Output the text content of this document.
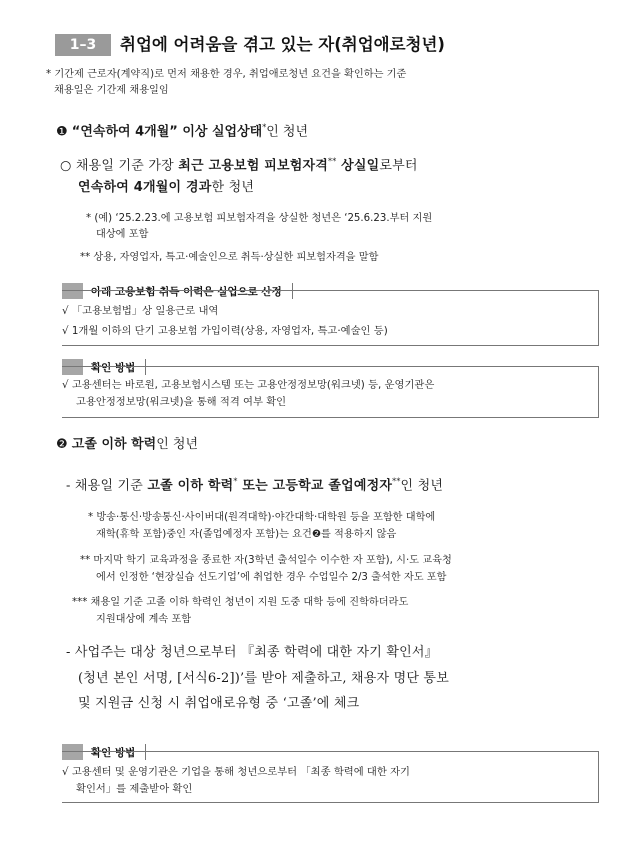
1–3	취업에 어려움을 겪고 있는 자(취업애로청년)
* 기간제 근로자(계약직)로 먼저 채용한 경우, 취업애로청년 요건을 확인하는 기준
채용일은 기간제 채용일임
❶ “연속하여 4개월” 이상 실업상태*인 청년
○ 채용일 기준 가장 최근 고용보험 피보험자격** 상실일로부터
연속하여 4개월이 경과한 청년
* (예) ‘25.2.23.에 고용보험 피보험자격을 상실한 청년은 ‘25.6.23.부터 지원
대상에 포함
** 상용, 자영업자, 특고·예술인으로 취득·상실한 피보험자격을 말함
아래 고용보험 취득 이력은 실업으로 산정
√ 「고용보험법」상 일용근로 내역
√ 1개월 이하의 단기 고용보험 가입이력(상용, 자영업자, 특고·예술인 등)
확인 방법
√ 고용센터는 바로원, 고용보험시스템 또는 고용안정정보망(워크넷) 등, 운영기관은
고용안정정보망(워크넷)을 통해 적격 여부 확인
❷ 고졸 이하 학력인 청년
- 채용일 기준 고졸 이하 학력* 또는 고등학교 졸업예정자**인 청년
* 방송·통신·방송통신·사이버대(원격대학)·야간대학·대학원 등을 포함한 대학에
재학(휴학 포함)중인 자(졸업예정자 포함)는 요건❷를 적용하지 않음
** 마지막 학기 교육과정을 종료한 자(3학년 출석일수 이수한 자 포함), 시·도 교육청
에서 인정한 ‘현장실습 선도기업’에 취업한 경우 수업일수 2/3 출석한 자도 포함
*** 채용일 기준 고졸 이하 학력인 청년이 지원 도중 대학 등에 진학하더라도
지원대상에 계속 포함
- 사업주는 대상 청년으로부터 『최종 학력에 대한 자기 확인서』
(청년 본인 서명, [서식6-2])’를 받아 제출하고, 채용자 명단 통보
및 지원금 신청 시 취업애로유형 중 ‘고졸’에 체크
확인 방법
√ 고용센터 및 운영기관은 기업을 통해 청년으로부터 「최종 학력에 대한 자기
확인서」를 제출받아 확인
